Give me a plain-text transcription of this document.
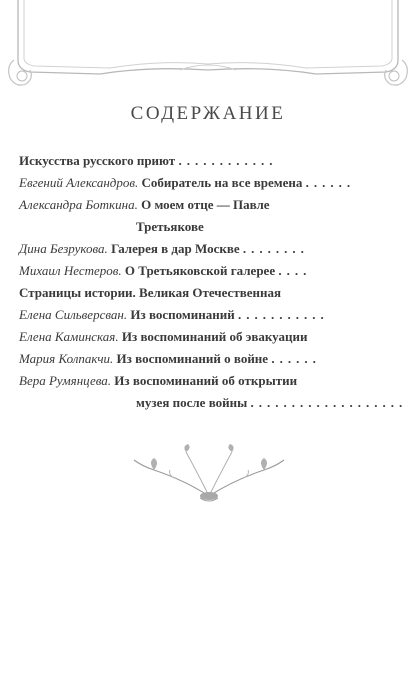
СОДЕРЖАНИЕ
Искусства русского приют ............
Евгений Александров. Собиратель на все времена ......
Александра Боткина. О моем отце — Павле
Третьякове
Дина Безрукова. Галерея в дар Москве ........
Михаил Нестеров. О Третьяковской галерее ....
Страницы истории. Великая Отечественная
Елена Сильверсван. Из воспоминаний ...........
Елена Каминская. Из воспоминаний об эвакуации
Мария Колпакчи. Из воспоминаний о войне ......
Вера Румянцева. Из воспоминаний об открытии
музея после войны ...................
